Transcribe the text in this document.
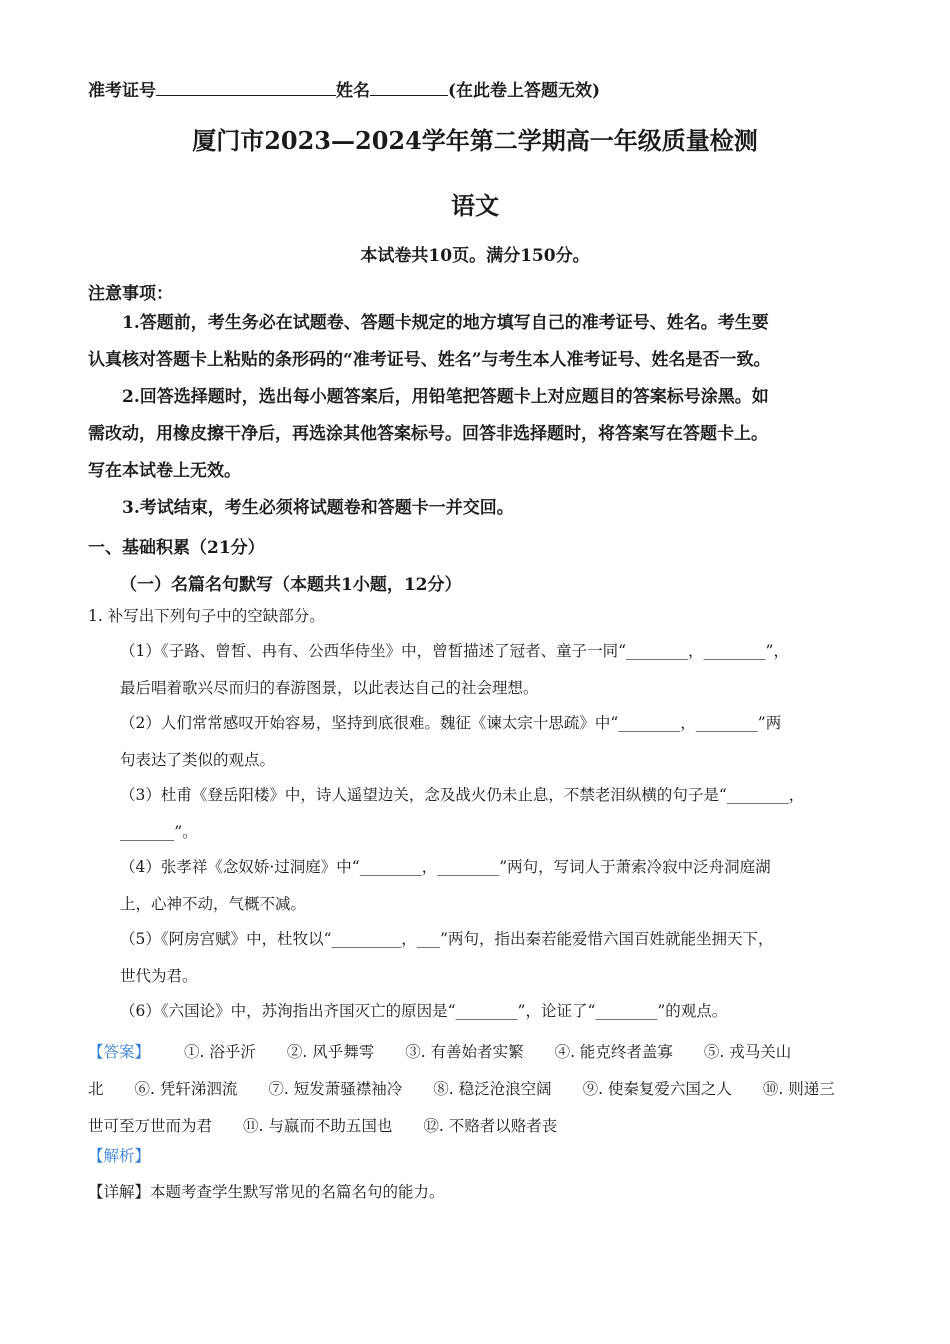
准考证号	姓名	(在此卷上答题无效)
厦门市2023—2024学年第二学期高一年级质量检测
语文
本试卷共10页。满分150分。
注意事项：
1.答题前，考生务必在试题卷、答题卡规定的地方填写自己的准考证号、姓名。考生要
认真核对答题卡上粘贴的条形码的“准考证号、姓名”与考生本人准考证号、姓名是否一致。
2.回答选择题时，选出每小题答案后，用铅笔把答题卡上对应题目的答案标号涂黑。如
需改动，用橡皮擦干净后，再选涂其他答案标号。回答非选择题时，将答案写在答题卡上。
写在本试卷上无效。
3.考试结束，考生必须将试题卷和答题卡一并交回。
一、基础积累（21分）
（一）名篇名句默写（本题共1小题，12分）
1. 补写出下列句子中的空缺部分。
（1）《子路、曾皙、冉有、公西华侍坐》中，曾皙描述了冠者、童子一同“________，________”，
最后唱着歌兴尽而归的春游图景，以此表达自己的社会理想。
（2）人们常常感叹开始容易，坚持到底很难。魏征《谏太宗十思疏》中“________，________”两
句表达了类似的观点。
（3）杜甫《登岳阳楼》中，诗人遥望边关，念及战火仍未止息，不禁老泪纵横的句子是“________，
_______”。
（4）张孝祥《念奴娇·过洞庭》中“________，________”两句，写词人于萧索冷寂中泛舟洞庭湖
上，心神不动，气概不减。
（5）《阿房宫赋》中，杜牧以“_________，___”两句，指出秦若能爱惜六国百姓就能坐拥天下，
世代为君。
（6）《六国论》中，苏洵指出齐国灭亡的原因是“________”，论证了“________”的观点。
【答案】 ①. 浴乎沂　　②. 风乎舞雩　　③. 有善始者实繁　　④. 能克终者盖寡　　⑤. 戎马关山
北　　⑥. 凭轩涕泗流　　⑦. 短发萧骚襟袖冷　　⑧. 稳泛沧浪空阔　　⑨. 使秦复爱六国之人　　⑩. 则递三
世可至万世而为君　　⑪. 与嬴而不助五国也　　⑫. 不赂者以赂者丧
【解析】
【详解】本题考查学生默写常见的名篇名句的能力。
